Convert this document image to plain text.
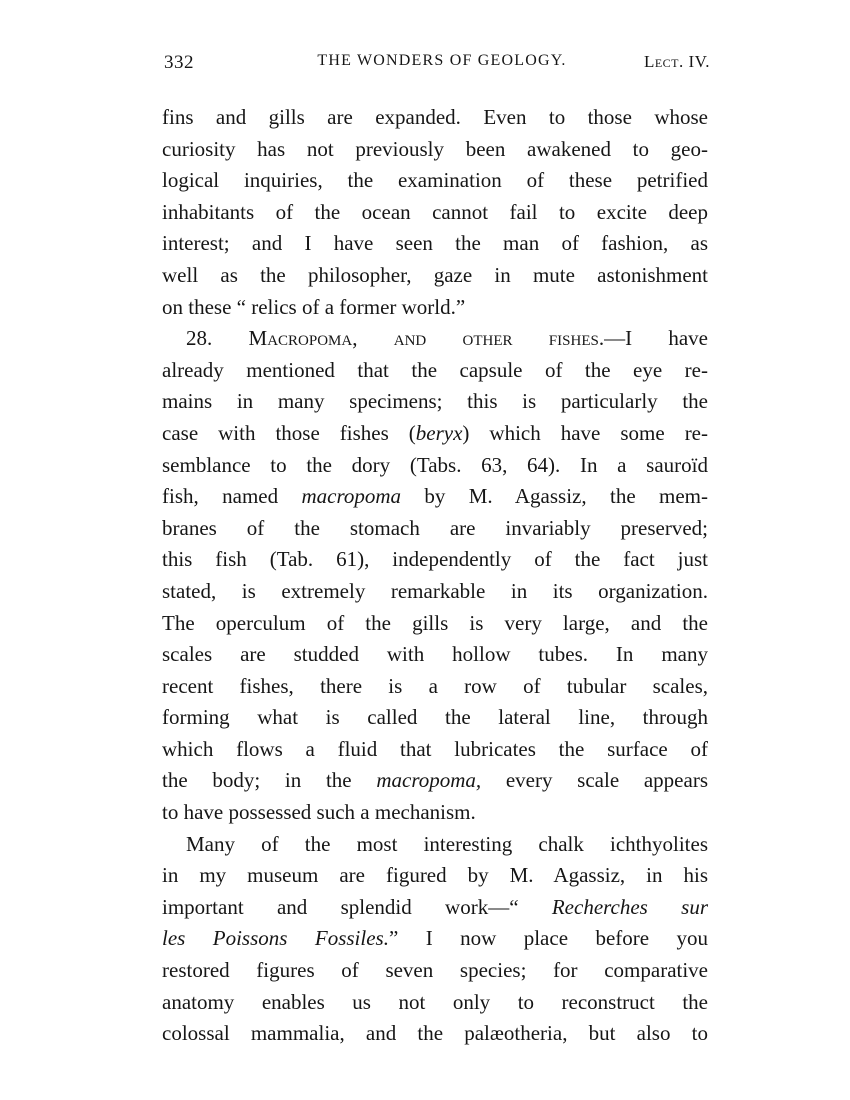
332	THE WONDERS OF GEOLOGY.	Lect. IV.
fins and gills are expanded. Even to those whose
curiosity has not previously been awakened to geo-
logical inquiries, the examination of these petrified
inhabitants of the ocean cannot fail to excite deep
interest; and I have seen the man of fashion, as
well as the philosopher, gaze in mute astonishment
on these “ relics of a former world.”
28. Macropoma, and other fishes.—I have
already mentioned that the capsule of the eye re-
mains in many specimens; this is particularly the
case with those fishes (beryx) which have some re-
semblance to the dory (Tabs. 63, 64). In a sauroïd
fish, named macropoma by M. Agassiz, the mem-
branes of the stomach are invariably preserved;
this fish (Tab. 61), independently of the fact just
stated, is extremely remarkable in its organization.
The operculum of the gills is very large, and the
scales are studded with hollow tubes. In many
recent fishes, there is a row of tubular scales,
forming what is called the lateral line, through
which flows a fluid that lubricates the surface of
the body; in the macropoma, every scale appears
to have possessed such a mechanism.
Many of the most interesting chalk ichthyolites
in my museum are figured by M. Agassiz, in his
important and splendid work—“ Recherches sur
les Poissons Fossiles.” I now place before you
restored figures of seven species; for comparative
anatomy enables us not only to reconstruct the
colossal mammalia, and the palæotheria, but also to
